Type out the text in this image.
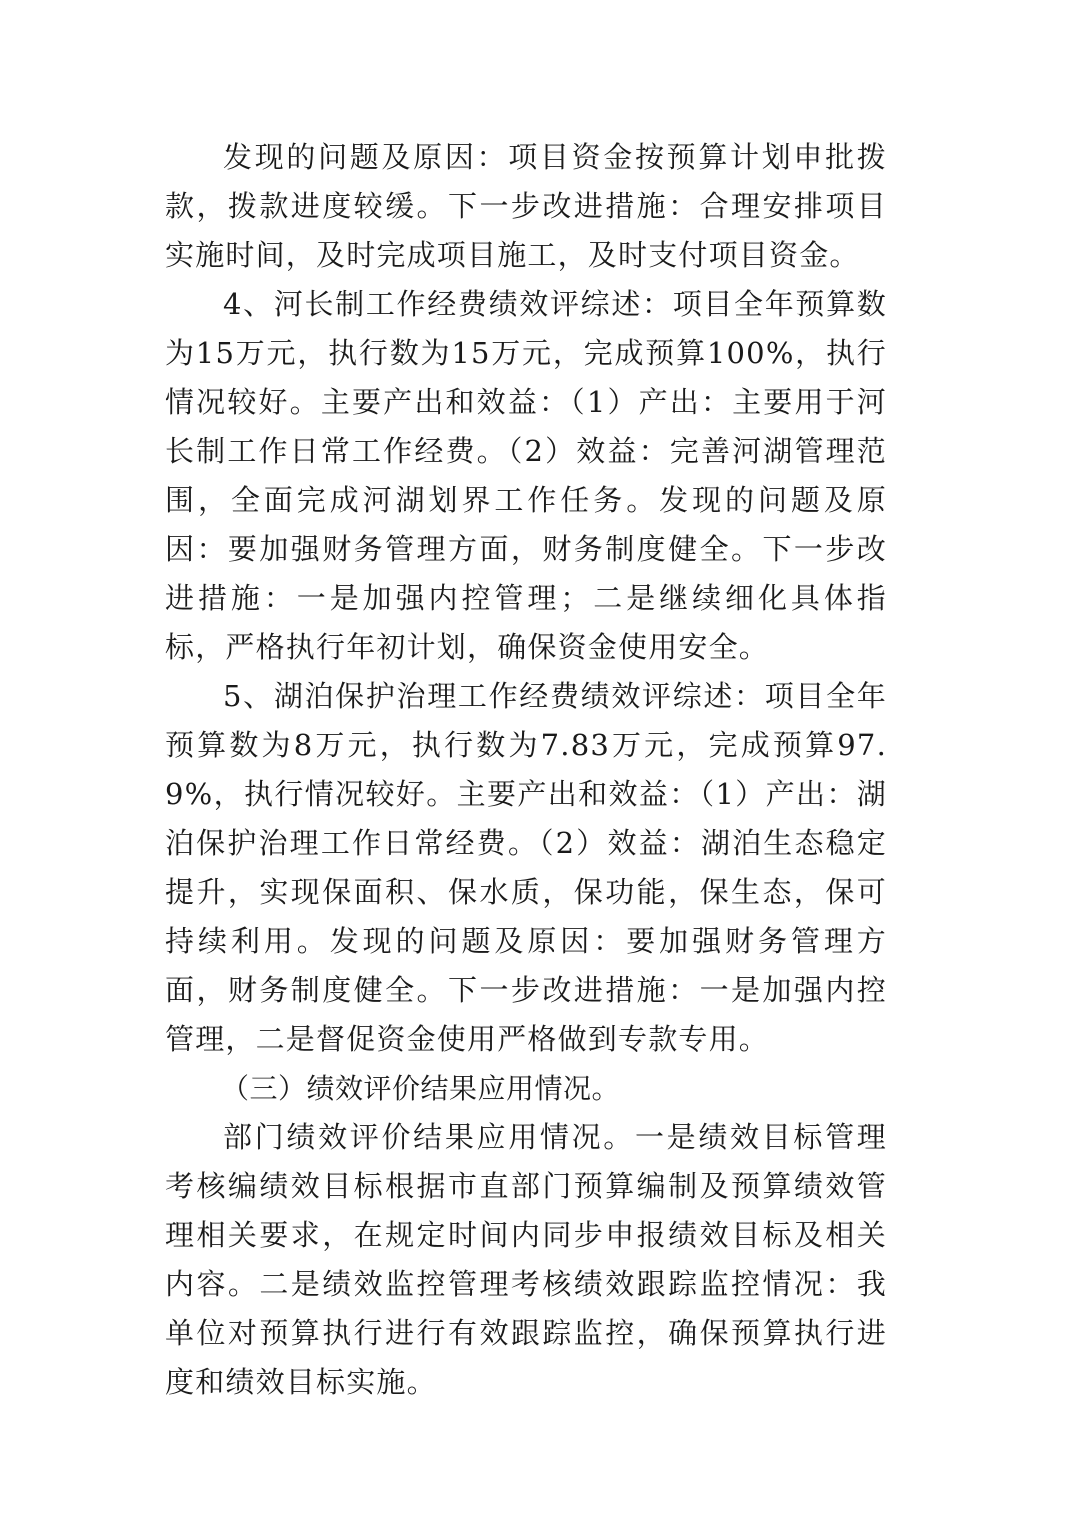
发现的问题及原因：项目资金按预算计划申批拨款，拨款进度较缓。下一步改进措施：合理安排项目实施时间，及时完成项目施工，及时支付项目资金。

4、河长制工作经费绩效评综述：项目全年预算数为15万元，执行数为15万元，完成预算100%，执行情况较好。主要产出和效益：（1）产出：主要用于河长制工作日常工作经费。（2）效益：完善河湖管理范围，全面完成河湖划界工作任务。发现的问题及原因：要加强财务管理方面，财务制度健全。下一步改进措施：一是加强内控管理；二是继续细化具体指标，严格执行年初计划，确保资金使用安全。

5、湖泊保护治理工作经费绩效评综述：项目全年预算数为8万元，执行数为7.83万元，完成预算97.9%，执行情况较好。主要产出和效益：（1）产出：湖泊保护治理工作日常经费。（2）效益：湖泊生态稳定提升，实现保面积、保水质，保功能，保生态，保可持续利用。发现的问题及原因：要加强财务管理方面，财务制度健全。下一步改进措施：一是加强内控管理，二是督促资金使用严格做到专款专用。

（三）绩效评价结果应用情况。

部门绩效评价结果应用情况。一是绩效目标管理考核编绩效目标根据市直部门预算编制及预算绩效管理相关要求，在规定时间内同步申报绩效目标及相关内容。二是绩效监控管理考核绩效跟踪监控情况：我单位对预算执行进行有效跟踪监控，确保预算执行进度和绩效目标实施。
